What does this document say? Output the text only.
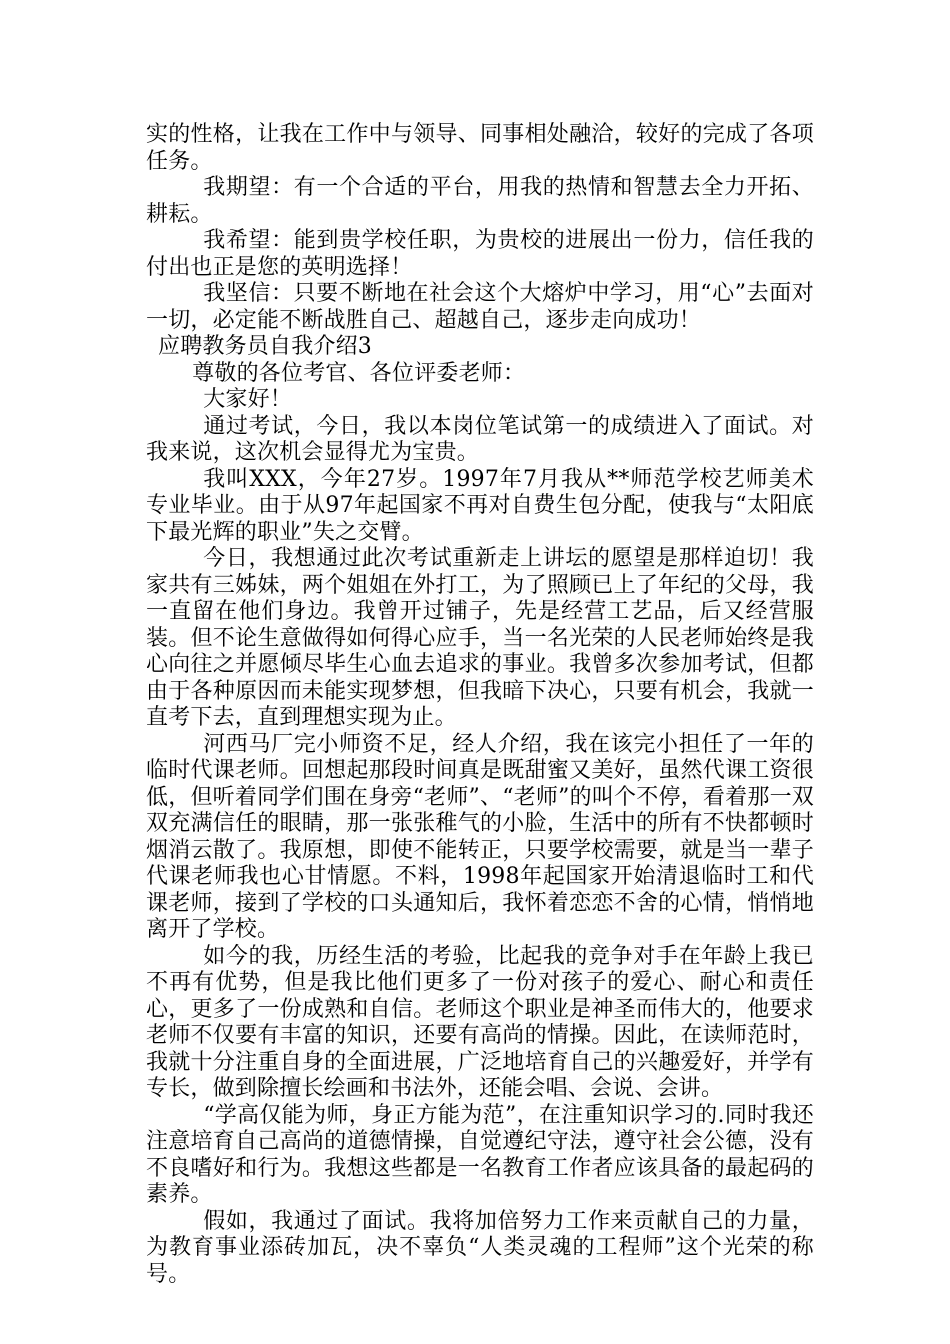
实的性格，让我在工作中与领导、同事相处融洽，较好的完成了各项任务。

我期望：有一个合适的平台，用我的热情和智慧去全力开拓、耕耘。

我希望：能到贵学校任职，为贵校的进展出一份力，信任我的付出也正是您的英明选择！

我坚信：只要不断地在社会这个大熔炉中学习，用“心”去面对一切，必定能不断战胜自己、超越自己，逐步走向成功！

应聘教务员自我介绍3

尊敬的各位考官、各位评委老师：

大家好！

通过考试，今日，我以本岗位笔试第一的成绩进入了面试。对我来说，这次机会显得尤为宝贵。

我叫XXX，今年27岁。1997年7月我从**师范学校艺师美术专业毕业。由于从97年起国家不再对自费生包分配，使我与“太阳底下最光辉的职业”失之交臂。

今日，我想通过此次考试重新走上讲坛的愿望是那样迫切！我家共有三姊妹，两个姐姐在外打工，为了照顾已上了年纪的父母，我一直留在他们身边。我曾开过铺子，先是经营工艺品，后又经营服装。但不论生意做得如何得心应手，当一名光荣的人民老师始终是我心向往之并愿倾尽毕生心血去追求的事业。我曾多次参加考试，但都由于各种原因而未能实现梦想，但我暗下决心，只要有机会，我就一直考下去，直到理想实现为止。

河西马厂完小师资不足，经人介绍，我在该完小担任了一年的临时代课老师。回想起那段时间真是既甜蜜又美好，虽然代课工资很低，但听着同学们围在身旁“老师”、“老师”的叫个不停，看着那一双双充满信任的眼睛，那一张张稚气的小脸，生活中的所有不快都顿时烟消云散了。我原想，即使不能转正，只要学校需要，就是当一辈子代课老师我也心甘情愿。不料，1998年起国家开始清退临时工和代课老师，接到了学校的口头通知后，我怀着恋恋不舍的心情，悄悄地离开了学校。

如今的我，历经生活的考验，比起我的竞争对手在年龄上我已不再有优势，但是我比他们更多了一份对孩子的爱心、耐心和责任心，更多了一份成熟和自信。老师这个职业是神圣而伟大的，他要求老师不仅要有丰富的知识，还要有高尚的情操。因此，在读师范时，我就十分注重自身的全面进展，广泛地培育自己的兴趣爱好，并学有专长，做到除擅长绘画和书法外，还能会唱、会说、会讲。

“学高仅能为师，身正方能为范”，在注重知识学习的.同时我还注意培育自己高尚的道德情操，自觉遵纪守法，遵守社会公德，没有不良嗜好和行为。我想这些都是一名教育工作者应该具备的最起码的素养。

假如，我通过了面试。我将加倍努力工作来贡献自己的力量，为教育事业添砖加瓦，决不辜负“人类灵魂的工程师”这个光荣的称号。
